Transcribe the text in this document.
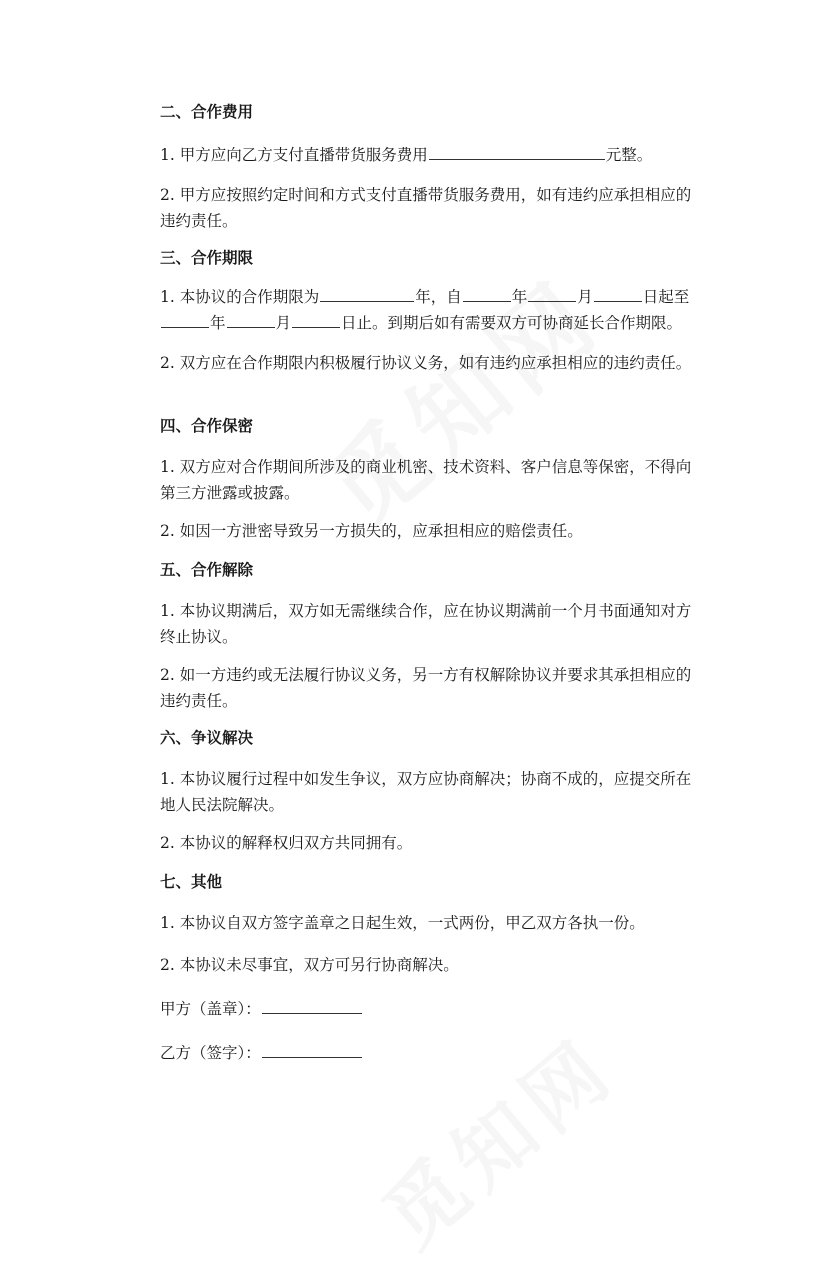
二、合作费用
1. 甲方应向乙方支付直播带货服务费用	元整。
2. 甲方应按照约定时间和方式支付直播带货服务费用，如有违约应承担相应的违约责任。
三、合作期限
1. 本协议的合作期限为	年，自	年	月	日起至年	月	日止。到期后如有需要双方可协商延长合作期限。
2. 双方应在合作期限内积极履行协议义务，如有违约应承担相应的违约责任。
四、合作保密
1. 双方应对合作期间所涉及的商业机密、技术资料、客户信息等保密，不得向第三方泄露或披露。
2. 如因一方泄密导致另一方损失的，应承担相应的赔偿责任。
五、合作解除
1. 本协议期满后，双方如无需继续合作，应在协议期满前一个月书面通知对方终止协议。
2. 如一方违约或无法履行协议义务，另一方有权解除协议并要求其承担相应的违约责任。
六、争议解决
1. 本协议履行过程中如发生争议，双方应协商解决；协商不成的，应提交所在地人民法院解决。
2. 本协议的解释权归双方共同拥有。
七、其他
1. 本协议自双方签字盖章之日起生效，一式两份，甲乙双方各执一份。
2. 本协议未尽事宜，双方可另行协商解决。
甲方（盖章）：
乙方（签字）：
